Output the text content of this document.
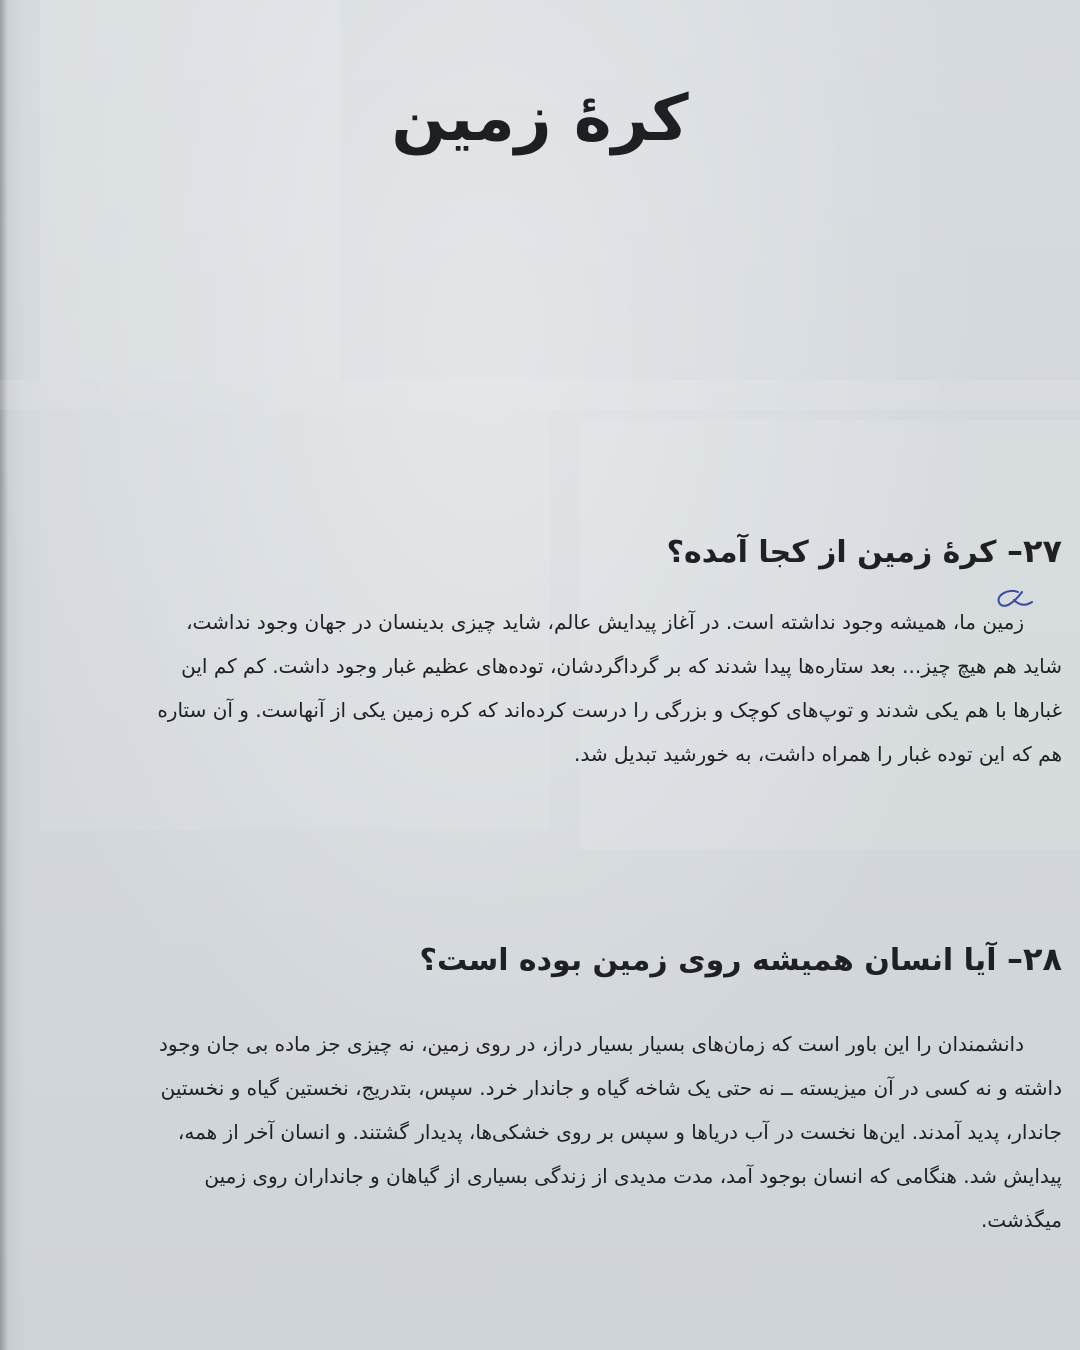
کرهٔ زمین
۲۷– کرهٔ زمین از کجا آمده؟
زمین ما، همیشه وجود نداشته است. در آغاز پیدایش عالم، شاید چیزی بدینسان در جهان وجود نداشت،
شاید هم هیچ چیز... بعد ستاره‌ها پیدا شدند که بر گرداگردشان، توده‌های عظیم غبار وجود داشت. کم کم این
غبارها با هم یکی شدند و توپ‌های کوچک و بزرگی را درست کرده‌اند که کره زمین یکی از آنهاست. و آن ستاره
هم که این توده غبار را همراه داشت، به خورشید تبدیل شد.
۲۸– آیا انسان همیشه روی زمین بوده است؟
دانشمندان را این باور است که زمان‌های بسیار بسیار دراز، در روی زمین، نه چیزی جز ماده بی جان وجود
داشته و نه کسی در آن میزیسته ــ نه حتی یک شاخه گیاه و جاندار خرد. سپس، بتدریج، نخستین گیاه و نخستین
جاندار، پدید آمدند. این‌ها نخست در آب دریاها و سپس بر روی خشکی‌ها، پدیدار گشتند. و انسان آخر از همه،
پیدایش شد. هنگامی که انسان بوجود آمد، مدت مدیدی از زندگی بسیاری از گیاهان و جانداران روی زمین
میگذشت.
